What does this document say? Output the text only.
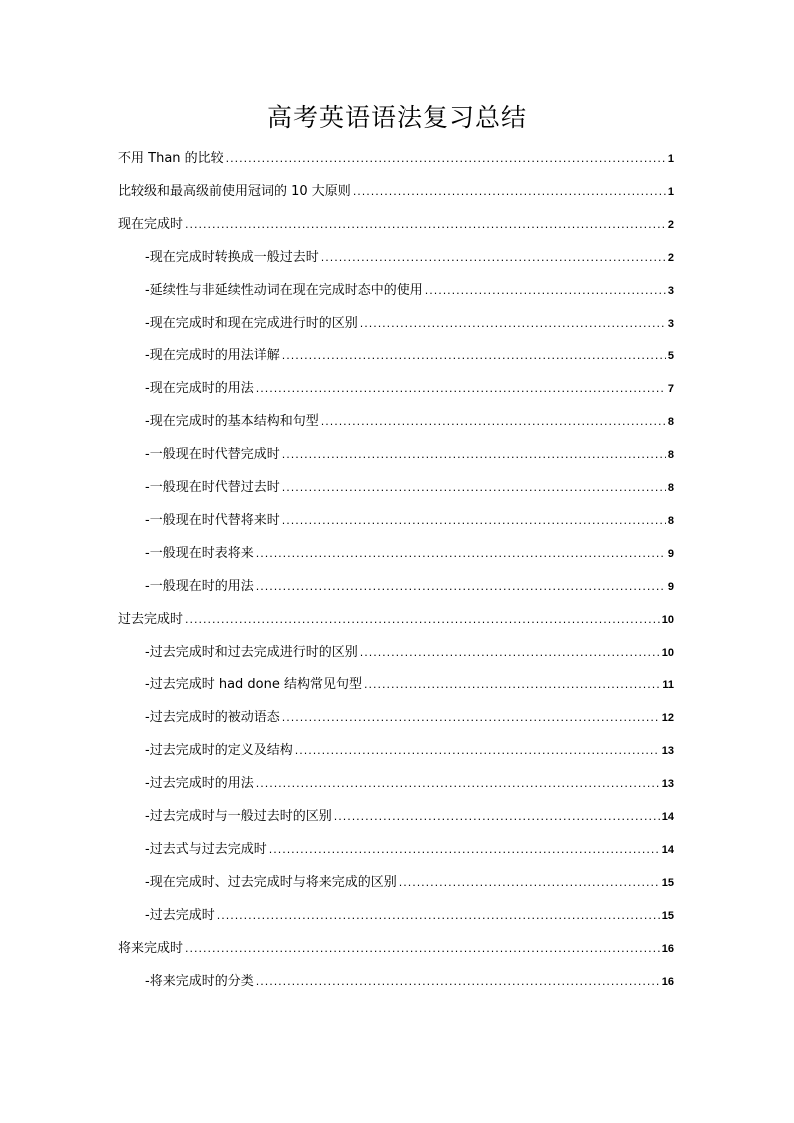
高考英语语法复习总结
不用 Than 的比较 .....	1
比较级和最高级前使用冠词的 10 大原则 .....	1
现在完成时 .....	2
-现在完成时转换成一般过去时 .....	2
-延续性与非延续性动词在现在完成时态中的使用 .....	3
-现在完成时和现在完成进行时的区别 .....	3
-现在完成时的用法详解 .....	5
-现在完成时的用法 .....	7
-现在完成时的基本结构和句型 .....	8
-一般现在时代替完成时 .....	8
-一般现在时代替过去时 .....	8
-一般现在时代替将来时 .....	8
-一般现在时表将来 .....	9
-一般现在时的用法 .....	9
过去完成时 .....	10
-过去完成时和过去完成进行时的区别 .....	10
-过去完成时 had done 结构常见句型 .....	11
-过去完成时的被动语态 .....	12
-过去完成时的定义及结构 .....	13
-过去完成时的用法 .....	13
-过去完成时与一般过去时的区别 .....	14
-过去式与过去完成时 .....	14
-现在完成时、过去完成时与将来完成的区别 .....	15
-过去完成时 .....	15
将来完成时 .....	16
-将来完成时的分类 .....	16
